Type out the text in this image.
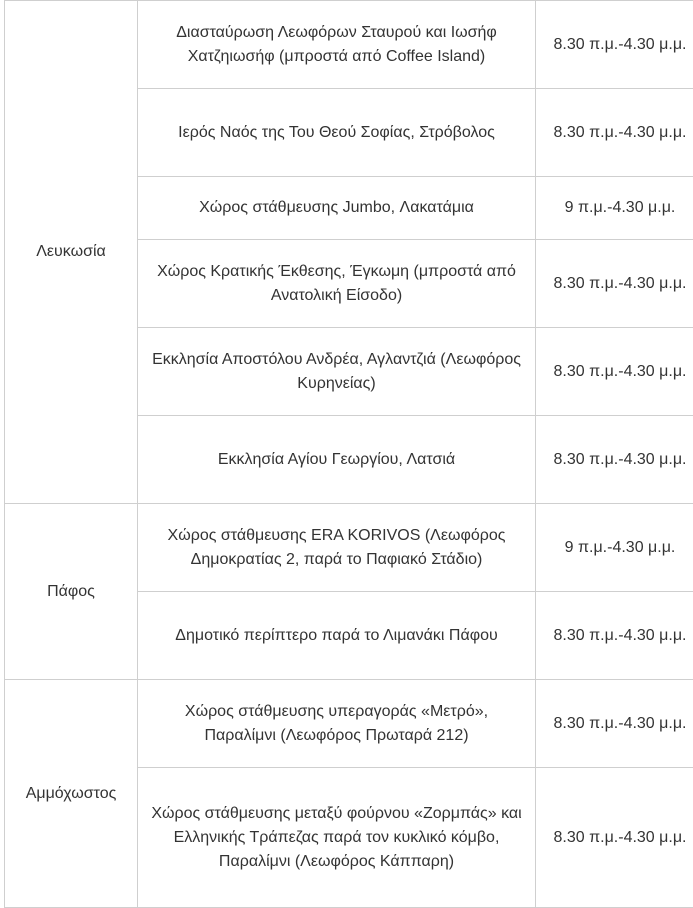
Λευκωσία	Διασταύρωση Λεωφόρων Σταυρού και Ιωσήφ Χατζηιωσήφ (μπροστά από Coffee Island)	8.30 π.μ.-4.30 μ.μ.
	Ιερός Ναός της Του Θεού Σοφίας, Στρόβολος	8.30 π.μ.-4.30 μ.μ.
	Χώρος στάθμευσης Jumbo, Λακατάμια	9 π.μ.-4.30 μ.μ.
	Χώρος Κρατικής Έκθεσης, Έγκωμη (μπροστά από Ανατολική Είσοδο)	8.30 π.μ.-4.30 μ.μ.
	Εκκλησία Αποστόλου Ανδρέα, Αγλαντζιά (Λεωφόρος Κυρηνείας)	8.30 π.μ.-4.30 μ.μ.
	Εκκλησία Αγίου Γεωργίου, Λατσιά	8.30 π.μ.-4.30 μ.μ.
Πάφος	Χώρος στάθμευσης ERA KORIVOS (Λεωφόρος Δημοκρατίας 2, παρά το Παφιακό Στάδιο)	9 π.μ.-4.30 μ.μ.
	Δημοτικό περίπτερο παρά το Λιμανάκι Πάφου	8.30 π.μ.-4.30 μ.μ.
Αμμόχωστος	Χώρος στάθμευσης υπεραγοράς «Μετρό», Παραλίμνι (Λεωφόρος Πρωταρά 212)	8.30 π.μ.-4.30 μ.μ.
	Χώρος στάθμευσης μεταξύ φούρνου «Ζορμπάς» και Ελληνικής Τράπεζας παρά τον κυκλικό κόμβο, Παραλίμνι (Λεωφόρος Κάππαρη)	8.30 π.μ.-4.30 μ.μ.
